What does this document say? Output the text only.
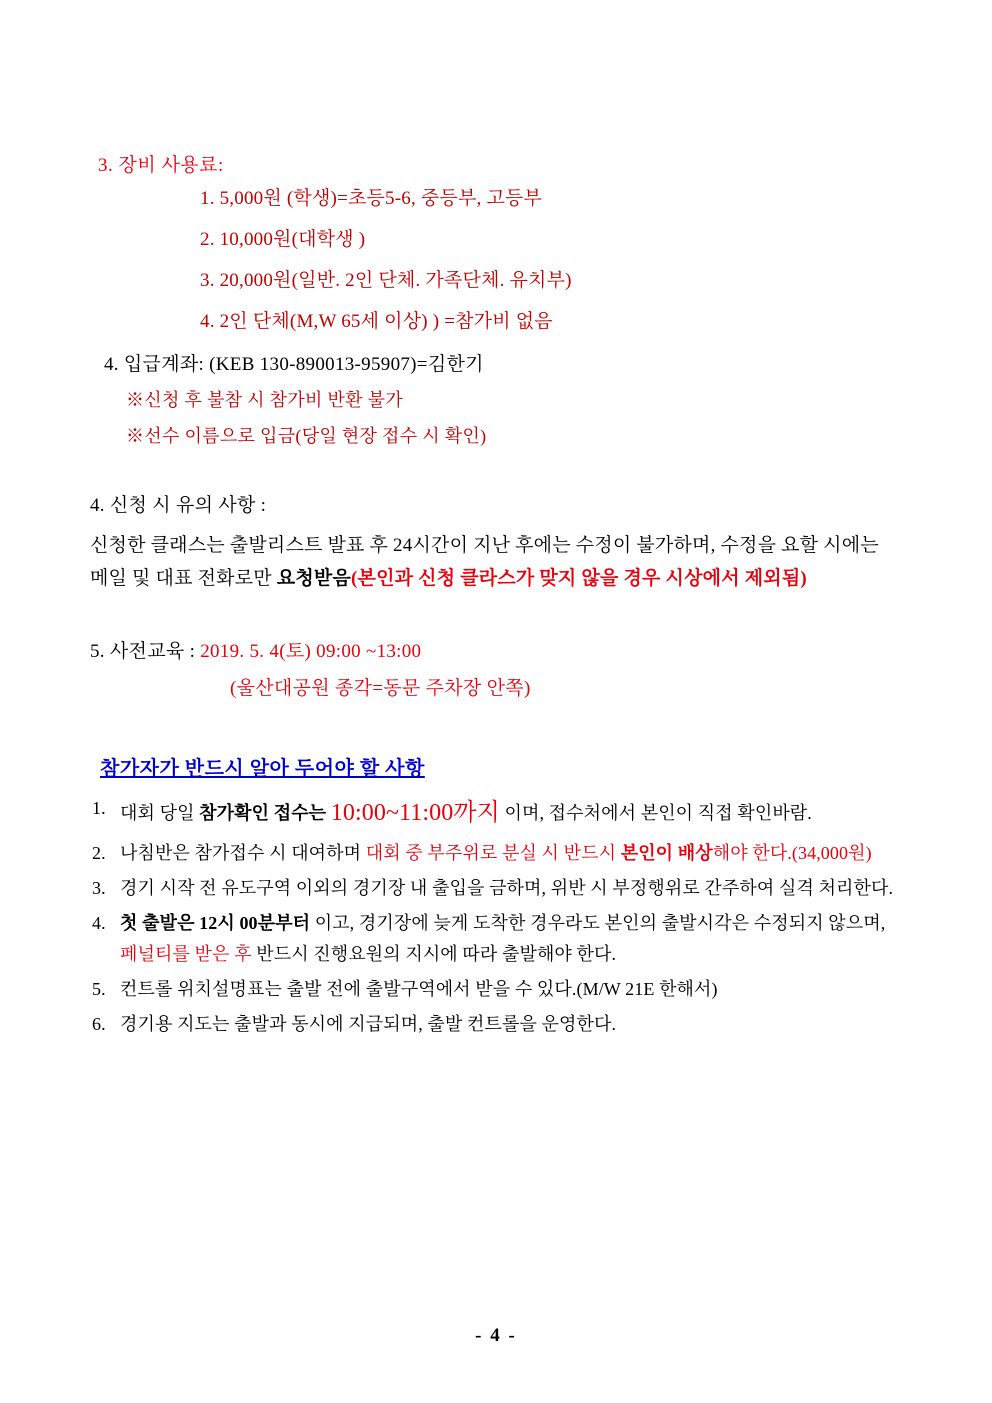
3. 장비 사용료:
1. 5,000원 (학생)=초등5-6, 중등부, 고등부
2. 10,000원(대학생 )
3. 20,000원(일반. 2인 단체. 가족단체. 유치부)
4. 2인 단체(M,W 65세 이상) ) =참가비 없음
4. 입급계좌: (KEB 130-890013-95907)=김한기
※신청 후 불참 시 참가비 반환 불가
※선수 이름으로 입금(당일 현장 접수 시 확인)
4. 신청 시 유의 사항 :

신청한 클래스는 출발리스트 발표 후 24시간이 지난 후에는 수정이 불가하며, 수정을 요할 시에는 메일 및 대표 전화로만 요청받음(본인과 신청 클라스가 맞지 않을 경우 시상에서 제외됨)

5. 사전교육 : 2019. 5. 4(토) 09:00 ~13:00
(울산대공원 종각=동문 주차장 안쪽)
참가자가 반드시 알아 두어야 할 사항
1. 대회 당일 참가확인 접수는 10:00~11:00까지 이며, 접수처에서 본인이 직접 확인바람.
2. 나침반은 참가접수 시 대여하며 대회 중 부주위로 분실 시 반드시 본인이 배상해야 한다.(34,000원)
3. 경기 시작 전 유도구역 이외의 경기장 내 출입을 금하며, 위반 시 부정행위로 간주하여 실격 처리한다.
4. 첫 출발은 12시 00분부터 이고, 경기장에 늦게 도착한 경우라도 본인의 출발시각은 수정되지 않으며, 페널티를 받은 후 반드시 진행요원의 지시에 따라 출발해야 한다.
5. 컨트롤 위치설명표는 출발 전에 출발구역에서 받을 수 있다.(M/W 21E 한해서)
6. 경기용 지도는 출발과 동시에 지급되며, 출발 컨트롤을 운영한다.
- 4 -
